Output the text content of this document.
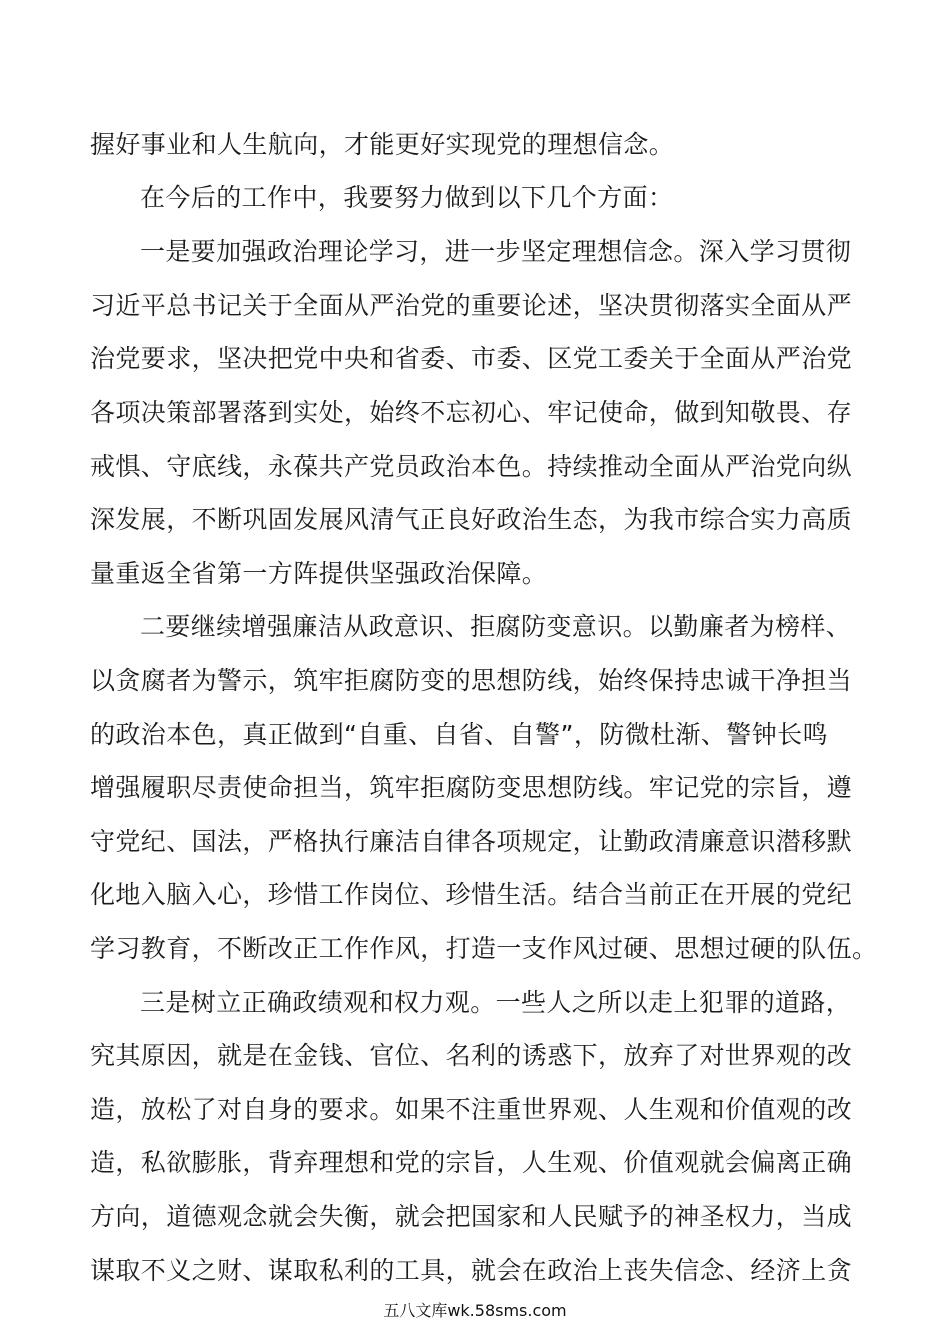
握好事业和人生航向，才能更好实现党的理想信念。
在今后的工作中，我要努力做到以下几个方面：
一是要加强政治理论学习，进一步坚定理想信念。深入学习贯彻
习近平总书记关于全面从严治党的重要论述，坚决贯彻落实全面从严
治党要求，坚决把党中央和省委、市委、区党工委关于全面从严治党
各项决策部署落到实处，始终不忘初心、牢记使命，做到知敬畏、存
戒惧、守底线，永葆共产党员政治本色。持续推动全面从严治党向纵
深发展，不断巩固发展风清气正良好政治生态，为我市综合实力高质
量重返全省第一方阵提供坚强政治保障。
二要继续增强廉洁从政意识、拒腐防变意识。以勤廉者为榜样、
以贪腐者为警示，筑牢拒腐防变的思想防线，始终保持忠诚干净担当
的政治本色，真正做到“自重、自省、自警”，防微杜渐、警钟长鸣
增强履职尽责使命担当，筑牢拒腐防变思想防线。牢记党的宗旨，遵
守党纪、国法，严格执行廉洁自律各项规定，让勤政清廉意识潜移默
化地入脑入心，珍惜工作岗位、珍惜生活。结合当前正在开展的党纪
学习教育，不断改正工作作风，打造一支作风过硬、思想过硬的队伍。
三是树立正确政绩观和权力观。一些人之所以走上犯罪的道路，
究其原因，就是在金钱、官位、名利的诱惑下，放弃了对世界观的改
造，放松了对自身的要求。如果不注重世界观、人生观和价值观的改
造，私欲膨胀，背弃理想和党的宗旨，人生观、价值观就会偏离正确
方向，道德观念就会失衡，就会把国家和人民赋予的神圣权力，当成
谋取不义之财、谋取私利的工具，就会在政治上丧失信念、经济上贪
五八文库wk.58sms.com
